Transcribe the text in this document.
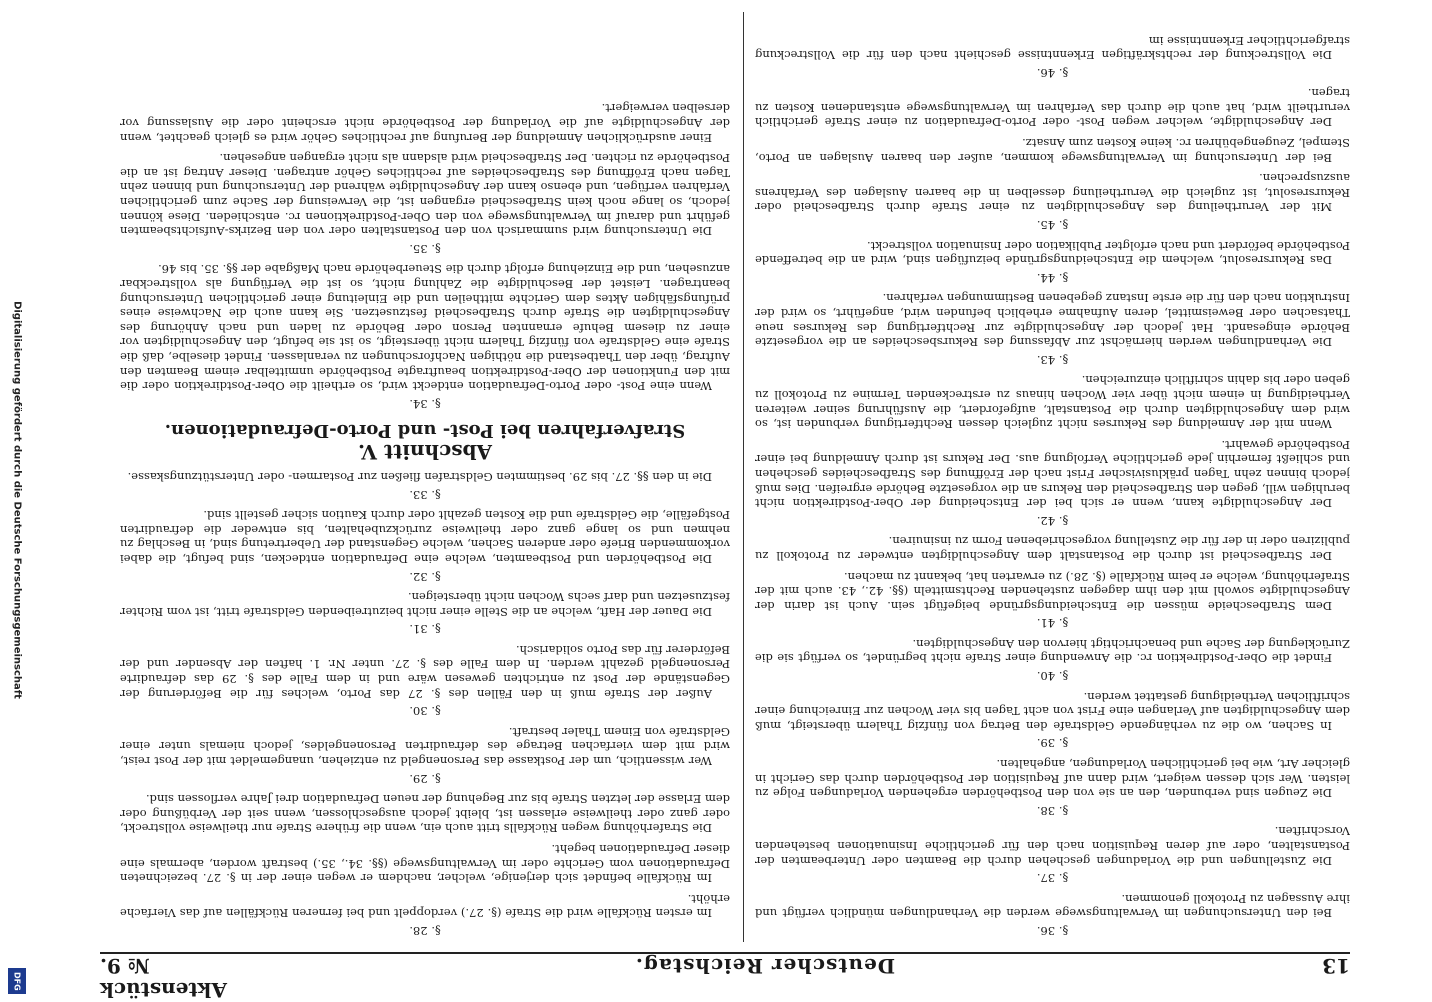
13
Deutscher Reichstag.
Aktenstück № 9.
§. 36.
Bei den Untersuchungen im Verwaltungswege werden die Verhandlungen mündlich verfügt und ihre Aussagen zu Protokoll genommen.
§. 37.
Die Zustellungen und die Vorladungen geschehen durch die Beamten oder Unterbeamten der Postanstalten, oder auf deren Requisition nach den für gerichtliche Insinuationen bestehenden Vorschriften.
§. 38.
Die Zeugen sind verbunden, den an sie von den Postbehörden ergehenden Vorladungen Folge zu leisten. Wer sich dessen weigert, wird dann auf Requisition der Postbehörden durch das Gericht in gleicher Art, wie bei gerichtlichen Vorladungen, angehalten.
§. 39.
In Sachen, wo die zu verhängende Geldstrafe den Betrag von fünfzig Thalern übersteigt, muß dem Angeschuldigten auf Verlangen eine Frist von acht Tagen bis vier Wochen zur Einreichung einer schriftlichen Vertheidigung gestattet werden.
§. 40.
Findet die Ober-Postdirektion rc. die Anwendung einer Strafe nicht begründet, so verfügt sie die Zurücklegung der Sache und benachrichtigt hiervon den Angeschuldigten.
§. 41.
Dem Strafbescheide müssen die Entscheidungsgründe beigefügt sein. Auch ist darin der Angeschuldigte sowohl mit den ihm dagegen zustehenden Rechtsmitteln (§§. 42., 43. auch mit der Straferhöhung, welche er beim Rückfalle (§. 28.) zu erwarten hat, bekannt zu machen.
Der Strafbescheid ist durch die Postanstalt dem Angeschuldigten entweder zu Protokoll zu publiziren oder in der für die Zustellung vorgeschriebenen Form zu insinuiren.
§. 42.
Der Angeschuldigte kann, wenn er sich bei der Entscheidung der Ober-Postdirektion nicht beruhigen will, gegen den Strafbescheid den Rekurs an die vorgesetzte Behörde ergreifen. Dies muß jedoch binnen zehn Tagen präklusivischer Frist nach der Eröffnung des Strafbescheides geschehen und schließt fernerhin jede gerichtliche Verfolgung aus. Der Rekurs ist durch Anmeldung bei einer Postbehörde gewahrt.
Wenn mit der Anmeldung des Rekurses nicht zugleich dessen Rechtfertigung verbunden ist, so wird dem Angeschuldigten durch die Postanstalt, aufgefordert, die Ausführung seiner weiteren Vertheidigung in einem nicht über vier Wochen hinaus zu erstreckenden Termine zu Protokoll zu geben oder bis dahin schriftlich einzureichen.
§. 43.
Die Verhandlungen werden hiernächst zur Abfassung des Rekursbescheides an die vorgesetzte Behörde eingesandt. Hat jedoch der Angeschuldigte zur Rechtfertigung des Rekurses neue Thatsachen oder Beweismittel, deren Aufnahme erheblich befunden wird, angeführt, so wird der Instruktion nach den für die erste Instanz gegebenen Bestimmungen verfahren.
§. 44.
Das Rekursresolut, welchem die Entscheidungsgründe beizufügen sind, wird an die betreffende Postbehörde befördert und nach erfolgter Publikation oder Insinuation vollstreckt.
§. 45.
Mit der Verurtheilung des Angeschuldigten zu einer Strafe durch Strafbescheid oder Rekursresolut, ist zugleich die Verurtheilung desselben in die baaren Auslagen des Verfahrens auszusprechen.
Bei der Untersuchung im Verwaltungswege kommen, außer den baaren Auslagen an Porto, Stempel, Zeugengebühren rc. keine Kosten zum Ansatz.
Der Angeschuldigte, welcher wegen Post- oder Porto-Defraudation zu einer Strafe gerichtlich verurtheilt wird, hat auch die durch das Verfahren im Verwaltungswege entstandenen Kosten zu tragen.
§. 46.
Die Vollstreckung der rechtskräftigen Erkenntnisse geschieht nach den für die Vollstreckung strafgerichtlicher Erkenntnisse im
§. 28.
Im ersten Rückfalle wird die Strafe (§. 27.) verdoppelt und bei ferneren Rückfällen auf das Vierfache erhöht.
Im Rückfalle befindet sich derjenige, welcher, nachdem er wegen einer der in §. 27. bezeichneten Defraudationen vom Gerichte oder im Verwaltungswege (§§. 34., 35.) bestraft worden, abermals eine dieser Defraudationen begeht.
Die Straferhöhung wegen Rückfalls tritt auch ein, wenn die frühere Strafe nur theilweise vollstreckt, oder ganz oder theilweise erlassen ist, bleibt jedoch ausgeschlossen, wenn seit der Verbüßung oder dem Erlasse der letzten Strafe bis zur Begehung der neuen Defraudation drei Jahre verflossen sind.
§. 29.
Wer wissentlich, um der Postkasse das Personengeld zu entziehen, unangemeldet mit der Post reist, wird mit dem vierfachen Betrage des defraudirten Personengeldes, jedoch niemals unter einer Geldstrafe von Einem Thaler bestraft.
§. 30.
Außer der Strafe muß in den Fällen des §. 27 das Porto, welches für die Beförderung der Gegenstände der Post zu entrichten gewesen wäre und in dem Falle des §. 29 das defraudirte Personengeld gezahlt werden. In dem Falle des §. 27. unter Nr. 1. haften der Absender und der Beförderer für das Porto solidarisch.
§. 31.
Die Dauer der Haft, welche an die Stelle einer nicht beizutreibenden Geldstrafe tritt, ist vom Richter festzusetzen und darf sechs Wochen nicht übersteigen.
§. 32.
Die Postbehörden und Postbeamten, welche eine Defraudation entdecken, sind befugt, die dabei vorkommenden Briefe oder anderen Sachen, welche Gegenstand der Uebertretung sind, in Beschlag zu nehmen und so lange ganz oder theilweise zurückzubehalten, bis entweder die defraudirten Postgefälle, die Geldstrafe und die Kosten gezahlt oder durch Kaution sicher gestellt sind.
§. 33.
Die in den §§. 27. bis 29. bestimmten Geldstrafen fließen zur Postarmen- oder Unterstützungskasse.
Abschnitt V.
Strafverfahren bei Post- und Porto-Defraudationen.
§. 34.
Wenn eine Post- oder Porto-Defraudation entdeckt wird, so ertheilt die Ober-Postdirektion oder die mit den Funktionen der Ober-Postdirektion beauftragte Postbehörde unmittelbar einem Beamten den Auftrag, über den Thatbestand die nöthigen Nachforschungen zu veranlassen. Findet dieselbe, daß die Strafe eine Geldstrafe von fünfzig Thalern nicht übersteigt, so ist sie befugt, den Angeschuldigten vor einer zu diesem Behufe ernannten Person oder Behörde zu laden und nach Anhörung des Angeschuldigten die Strafe durch Strafbescheid festzusetzen. Sie kann auch die Nachweise eines prüfungsfähigen Aktes dem Gerichte mittheilen und die Einleitung einer gerichtlichen Untersuchung beantragen. Leistet der Beschuldigte die Zahlung nicht, so ist die Verfügung als vollstreckbar anzusehen, und die Einziehung erfolgt durch die Steuerbehörde nach Maßgabe der §§. 35. bis 46.
§. 35.
Die Untersuchung wird summarisch von den Postanstalten oder von den Bezirks-Aufsichtsbeamten geführt und darauf im Verwaltungswege von den Ober-Postdirektionen rc. entschieden. Diese können jedoch, so lange noch kein Strafbescheid ergangen ist, die Verweisung der Sache zum gerichtlichen Verfahren verfügen, und ebenso kann der Angeschuldigte während der Untersuchung und binnen zehn Tagen nach Eröffnung des Strafbescheides auf rechtliches Gehör antragen. Dieser Antrag ist an die Postbehörde zu richten. Der Strafbescheid wird alsdann als nicht ergangen angesehen.
Einer ausdrücklichen Anmeldung der Berufung auf rechtliches Gehör wird es gleich geachtet, wenn der Angeschuldigte auf die Vorladung der Postbehörde nicht erscheint oder die Auslassung vor derselben verweigert.
Digitalisierung gefördert durch die Deutsche Forschungsgemeinschaft
DFG
